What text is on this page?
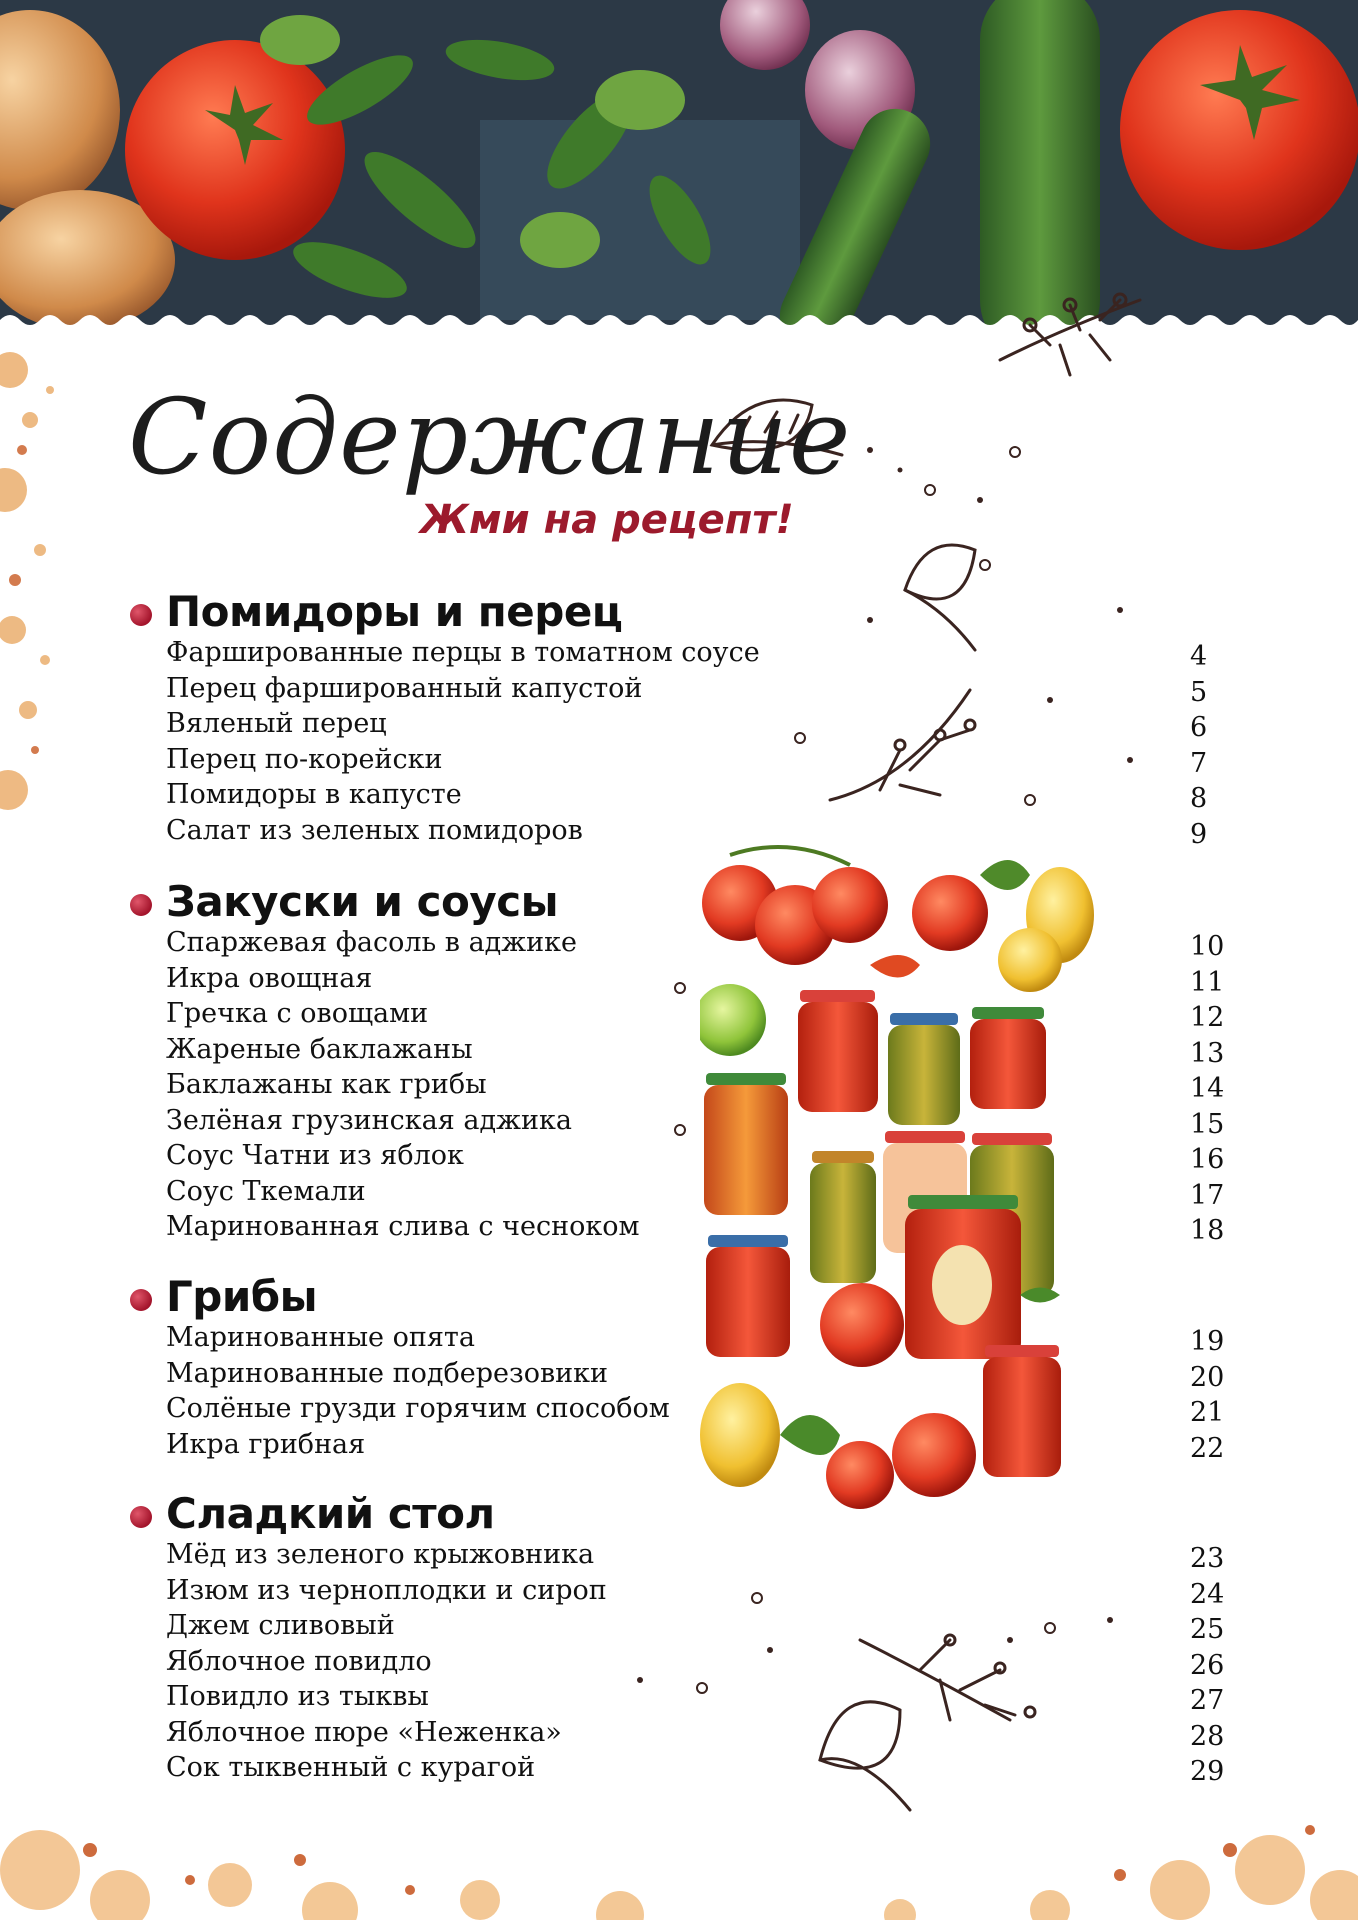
Содержание
Жми на рецепт!
Помидоры и перец
Фаршированные перцы в томатном соусе	4
Перец фаршированный капустой	5
Вяленый перец	6
Перец по-корейски	7
Помидоры в капусте	8
Салат из зеленых помидоров	9
Закуски и соусы
Спаржевая фасоль в аджике	10
Икра овощная	11
Гречка с овощами	12
Жареные баклажаны	13
Баклажаны как грибы	14
Зелёная грузинская аджика	15
Соус Чатни из яблок	16
Соус Ткемали	17
Маринованная слива с чесноком	18
Грибы
Маринованные опята	19
Маринованные подберезовики	20
Солёные грузди горячим способом	21
Икра грибная	22
Сладкий стол
Мёд из зеленого крыжовника	23
Изюм из черноплодки и сироп	24
Джем сливовый	25
Яблочное повидло	26
Повидло из тыквы	27
Яблочное пюре «Неженка»	28
Сок тыквенный с курагой	29
